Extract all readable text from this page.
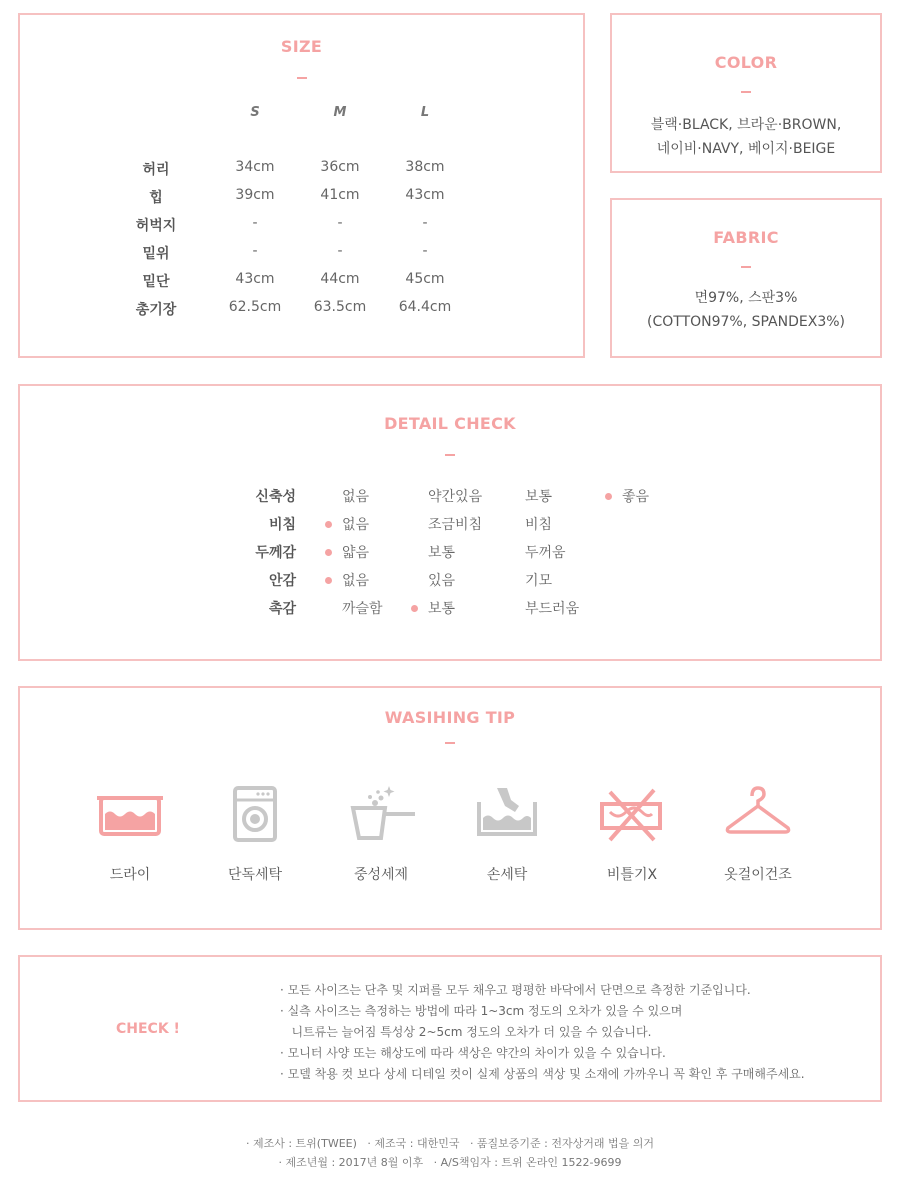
SIZE
S	M	L
허리	34cm	36cm	38cm
힙	39cm	41cm	43cm
허벅지	-	-	-
밑위	-	-	-
밑단	43cm	44cm	45cm
총기장	62.5cm	63.5cm	64.4cm
COLOR
블랙·BLACK, 브라운·BROWN,
네이비·NAVY, 베이지·BEIGE
FABRIC
면97%, 스판3%
(COTTON97%, SPANDEX3%)
DETAIL CHECK
신축성	없음	약간있음	보통	좋음
비침	없음	조금비침	비침
두께감	얇음	보통	두꺼움
안감	없음	있음	기모
촉감	까슬함	보통	부드러움
WASIHING TIP
드라이	단독세탁	중성세제	손세탁	비틀기X	옷걸이건조
CHECK !
· 모든 사이즈는 단추 및 지퍼를 모두 채우고 평평한 바닥에서 단면으로 측정한 기준입니다.
· 실측 사이즈는 측정하는 방법에 따라 1~3cm 정도의 오차가 있을 수 있으며
니트류는 늘어짐 특성상 2~5cm 정도의 오차가 더 있을 수 있습니다.
· 모니터 사양 또는 해상도에 따라 색상은 약간의 차이가 있을 수 있습니다.
· 모델 착용 컷 보다 상세 디테일 컷이 실제 상품의 색상 및 소재에 가까우니 꼭 확인 후 구매해주세요.
· 제조사 : 트위(TWEE)   · 제조국 : 대한민국   · 품질보증기준 : 전자상거래 법을 의거
· 제조년월 : 2017년 8월 이후   · A/S책임자 : 트위 온라인 1522-9699
